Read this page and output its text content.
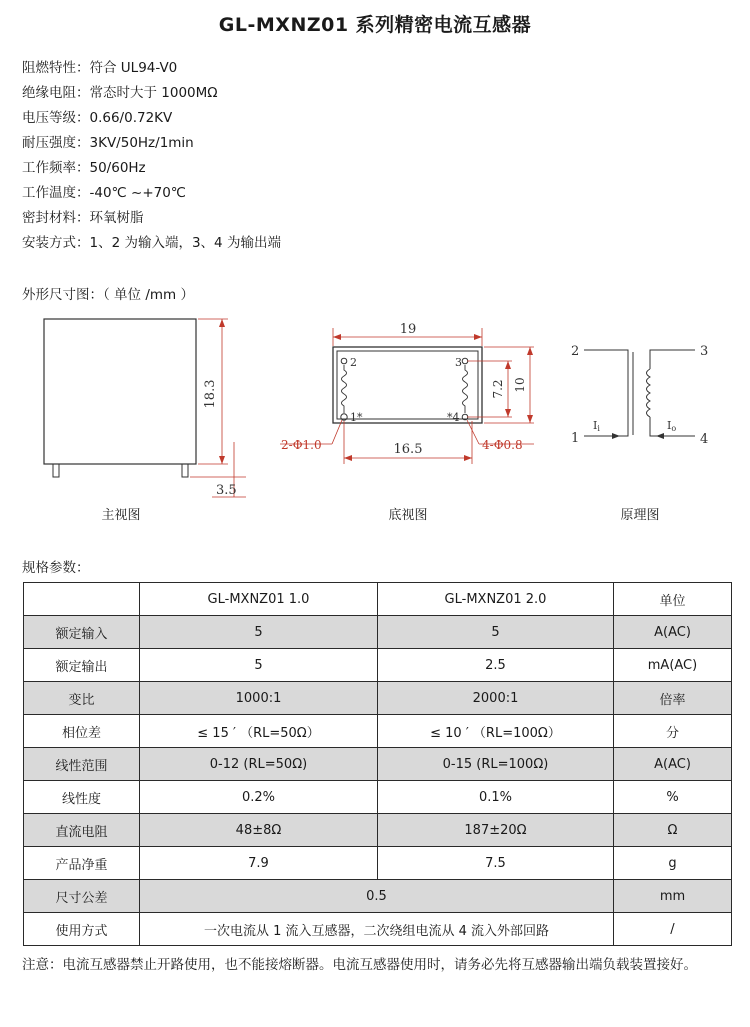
GL-MXNZ01 系列精密电流互感器
阻燃特性：符合 UL94-V0
绝缘电阻：常态时大于 1000MΩ
电压等级：0.66/0.72KV
耐压强度：3KV/50Hz/1min
工作频率：50/60Hz
工作温度：-40℃ ~+70℃
密封材料：环氧树脂
安装方式：1、2 为输入端，3、4 为输出端
外形尺寸图：（ 单位 /mm ）
18.3
3.5
主视图
19
2	3
1*	*4
7.2 10
16.5
2-Φ1.0	4-Φ0.8
底视图
2	3
1	4
Ii	Io
原理图
规格参数：
	GL-MXNZ01 1.0	GL-MXNZ01 2.0	单位
额定输入	5	5	A(AC)
额定输出	5	2.5	mA(AC)
变比	1000:1	2000:1	倍率
相位差	≤ 15 ′ （RL=50Ω）	≤ 10 ′ （RL=100Ω）	分
线性范围	0-12 (RL=50Ω)	0-15 (RL=100Ω)	A(AC)
线性度	0.2%	0.1%	%
直流电阻	48±8Ω	187±20Ω	Ω
产品净重	7.9	7.5	g
尺寸公差	0.5		mm
使用方式	一次电流从 1 流入互感器，二次绕组电流从 4 流入外部回路		/
注意：电流互感器禁止开路使用，也不能接熔断器。电流互感器使用时，请务必先将互感器输出端负载装置接好。
